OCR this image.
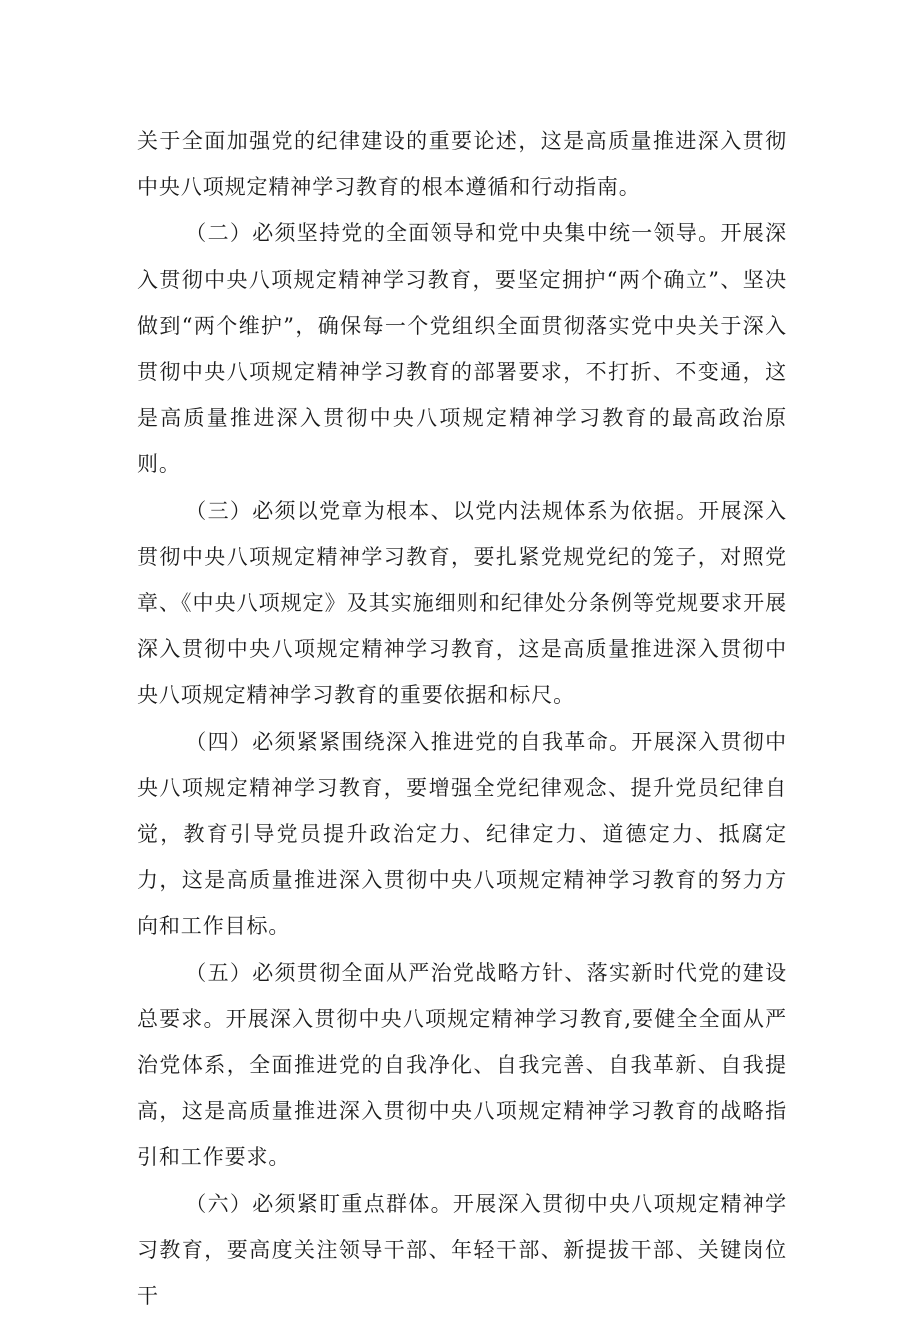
关于全面加强党的纪律建设的重要论述，这是高质量推进深入贯彻中央八项规定精神学习教育的根本遵循和行动指南。

（二）必须坚持党的全面领导和党中央集中统一领导。开展深入贯彻中央八项规定精神学习教育，要坚定拥护“两个确立”、坚决做到“两个维护”，确保每一个党组织全面贯彻落实党中央关于深入贯彻中央八项规定精神学习教育的部署要求，不打折、不变通，这是高质量推进深入贯彻中央八项规定精神学习教育的最高政治原则。

（三）必须以党章为根本、以党内法规体系为依据。开展深入贯彻中央八项规定精神学习教育，要扎紧党规党纪的笼子，对照党章、《中央八项规定》及其实施细则和纪律处分条例等党规要求开展深入贯彻中央八项规定精神学习教育，这是高质量推进深入贯彻中央八项规定精神学习教育的重要依据和标尺。

（四）必须紧紧围绕深入推进党的自我革命。开展深入贯彻中央八项规定精神学习教育，要增强全党纪律观念、提升党员纪律自觉，教育引导党员提升政治定力、纪律定力、道德定力、抵腐定力，这是高质量推进深入贯彻中央八项规定精神学习教育的努力方向和工作目标。

（五）必须贯彻全面从严治党战略方针、落实新时代党的建设总要求。开展深入贯彻中央八项规定精神学习教育,要健全全面从严治党体系，全面推进党的自我净化、自我完善、自我革新、自我提高，这是高质量推进深入贯彻中央八项规定精神学习教育的战略指引和工作要求。

（六）必须紧盯重点群体。开展深入贯彻中央八项规定精神学习教育，要高度关注领导干部、年轻干部、新提拔干部、关键岗位干
